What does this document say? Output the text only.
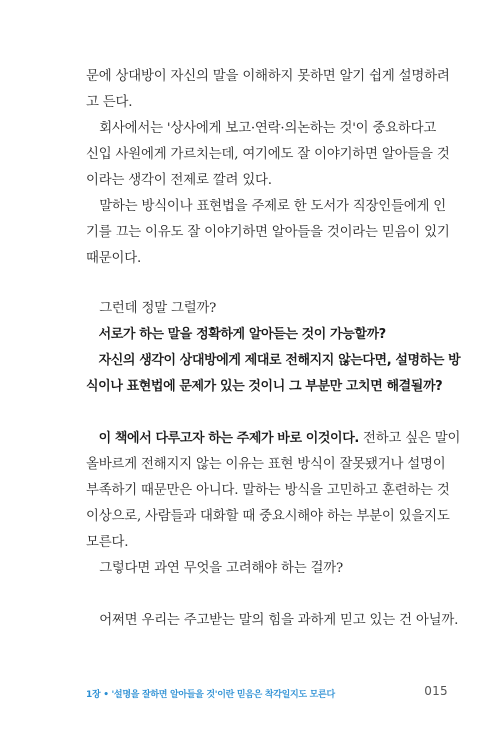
문에 상대방이 자신의 말을 이해하지 못하면 알기 쉽게 설명하려
고 든다.

　회사에서는 '상사에게 보고·연락·의논하는 것'이 중요하다고
신입 사원에게 가르치는데, 여기에도 잘 이야기하면 알아들을 것
이라는 생각이 전제로 깔려 있다.

　말하는 방식이나 표현법을 주제로 한 도서가 직장인들에게 인
기를 끄는 이유도 잘 이야기하면 알아들을 것이라는 믿음이 있기
때문이다.

　그런데 정말 그럴까?

　서로가 하는 말을 정확하게 알아듣는 것이 가능할까?
　자신의 생각이 상대방에게 제대로 전해지지 않는다면, 설명하는 방
식이나 표현법에 문제가 있는 것이니 그 부분만 고치면 해결될까?

　이 책에서 다루고자 하는 주제가 바로 이것이다. 전하고 싶은 말이
올바르게 전해지지 않는 이유는 표현 방식이 잘못됐거나 설명이
부족하기 때문만은 아니다. 말하는 방식을 고민하고 훈련하는 것
이상으로, 사람들과 대화할 때 중요시해야 하는 부분이 있을지도
모른다.

　그렇다면 과연 무엇을 고려해야 하는 걸까?

　어쩌면 우리는 주고받는 말의 힘을 과하게 믿고 있는 건 아닐까.

1장 • '설명을 잘하면 알아들을 것'이란 믿음은 착각일지도 모른다	015
